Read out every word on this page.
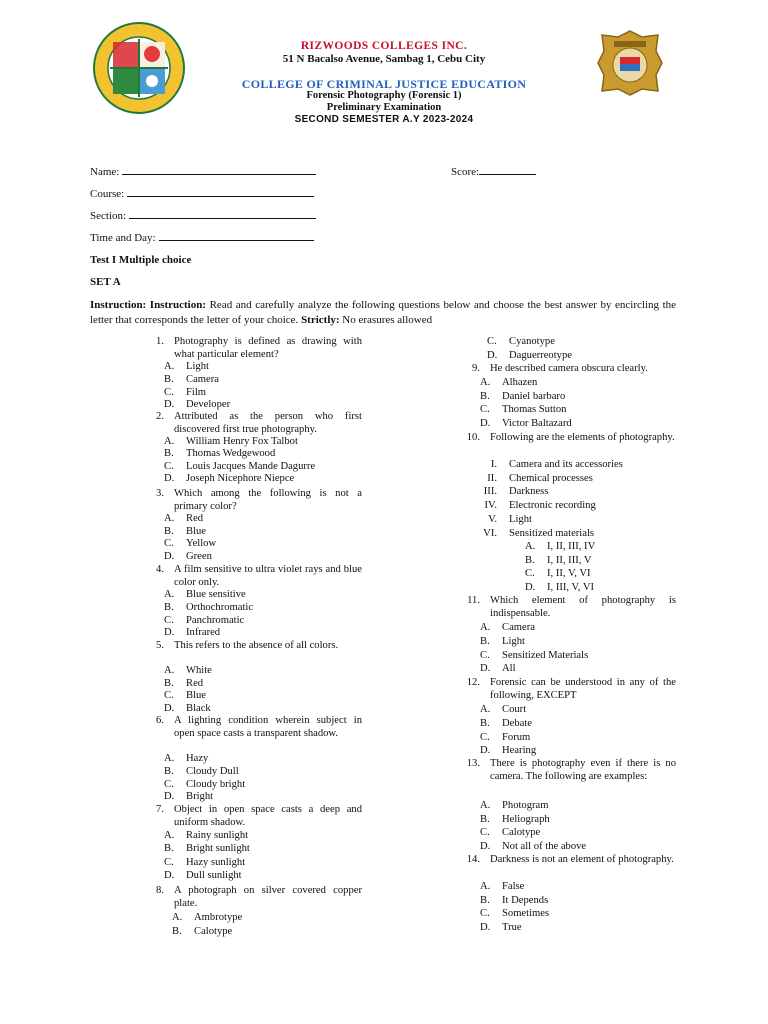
RIZWOODS COLLEGES INC.
51 N Bacalso Avenue, Sambag 1, Cebu City
COLLEGE OF CRIMINAL JUSTICE EDUCATION
Forensic Photography (Forensic 1)
Preliminary Examination
SECOND SEMESTER A.Y 2023-2024
Name:
Course:
Section:
Time and Day:
Score:
Test I Multiple choice
SET A
Instruction: Instruction: Read and carefully analyze the following questions below and choose the best answer by encircling the letter that corresponds the letter of your choice. Strictly: No erasures allowed
1. Photography is defined as drawing with what particular element?
A.	Light
B.	Camera
C.	Film
D.	Developer
2. Attributed as the person who first discovered first true photography.
A.	William Henry Fox Talbot
B.	Thomas Wedgewood
C.	Louis Jacques Mande Dagurre
D.	Joseph Nicephore Niepce
3. Which among the following is not a primary color?
A.	Red
B.	Blue
C.	Yellow
D.	Green
4. A film sensitive to ultra violet rays and blue color only.
A.	Blue sensitive
B.	Orthochromatic
C.	Panchromatic
D.	Infrared
5. This refers to the absence of all colors.
A.	White
B.	Red
C.	Blue
D.	Black
6. A lighting condition wherein subject in open space casts a transparent shadow.
A.	Hazy
B.	Cloudy Dull
C.	Cloudy bright
D.	Bright
7. Object in open space casts a deep and uniform shadow.
A.	Rainy sunlight
B.	Bright sunlight
C.	Hazy sunlight
D.	Dull sunlight
8. A photograph on silver covered copper plate.
A.	Ambrotype
B.	Calotype
C.	Cyanotype
D.	Daguerreotype
9. He described camera obscura clearly.
A.	Alhazen
B.	Daniel barbaro
C.	Thomas Sutton
D.	Victor Baltazard
10. Following are the elements of photography.
I. Camera and its accessories
II. Chemical processes
III. Darkness
IV. Electronic recording
V. Light
VI. Sensitized materials
A.	I, II, III, IV
B.	I, II, III, V
C.	I, II, V, VI
D.	I, III, V, VI
11. Which element of photography is indispensable.
A.	Camera
B.	Light
C.	Sensitized Materials
D.	All
12. Forensic can be understood in any of the following, EXCEPT
A.	Court
B.	Debate
C.	Forum
D.	Hearing
13. There is photography even if there is no camera. The following are examples:
A.	Photogram
B.	Heliograph
C.	Calotype
D.	Not all of the above
14. Darkness is not an element of photography.
A.	False
B.	It Depends
C.	Sometimes
D.	True
